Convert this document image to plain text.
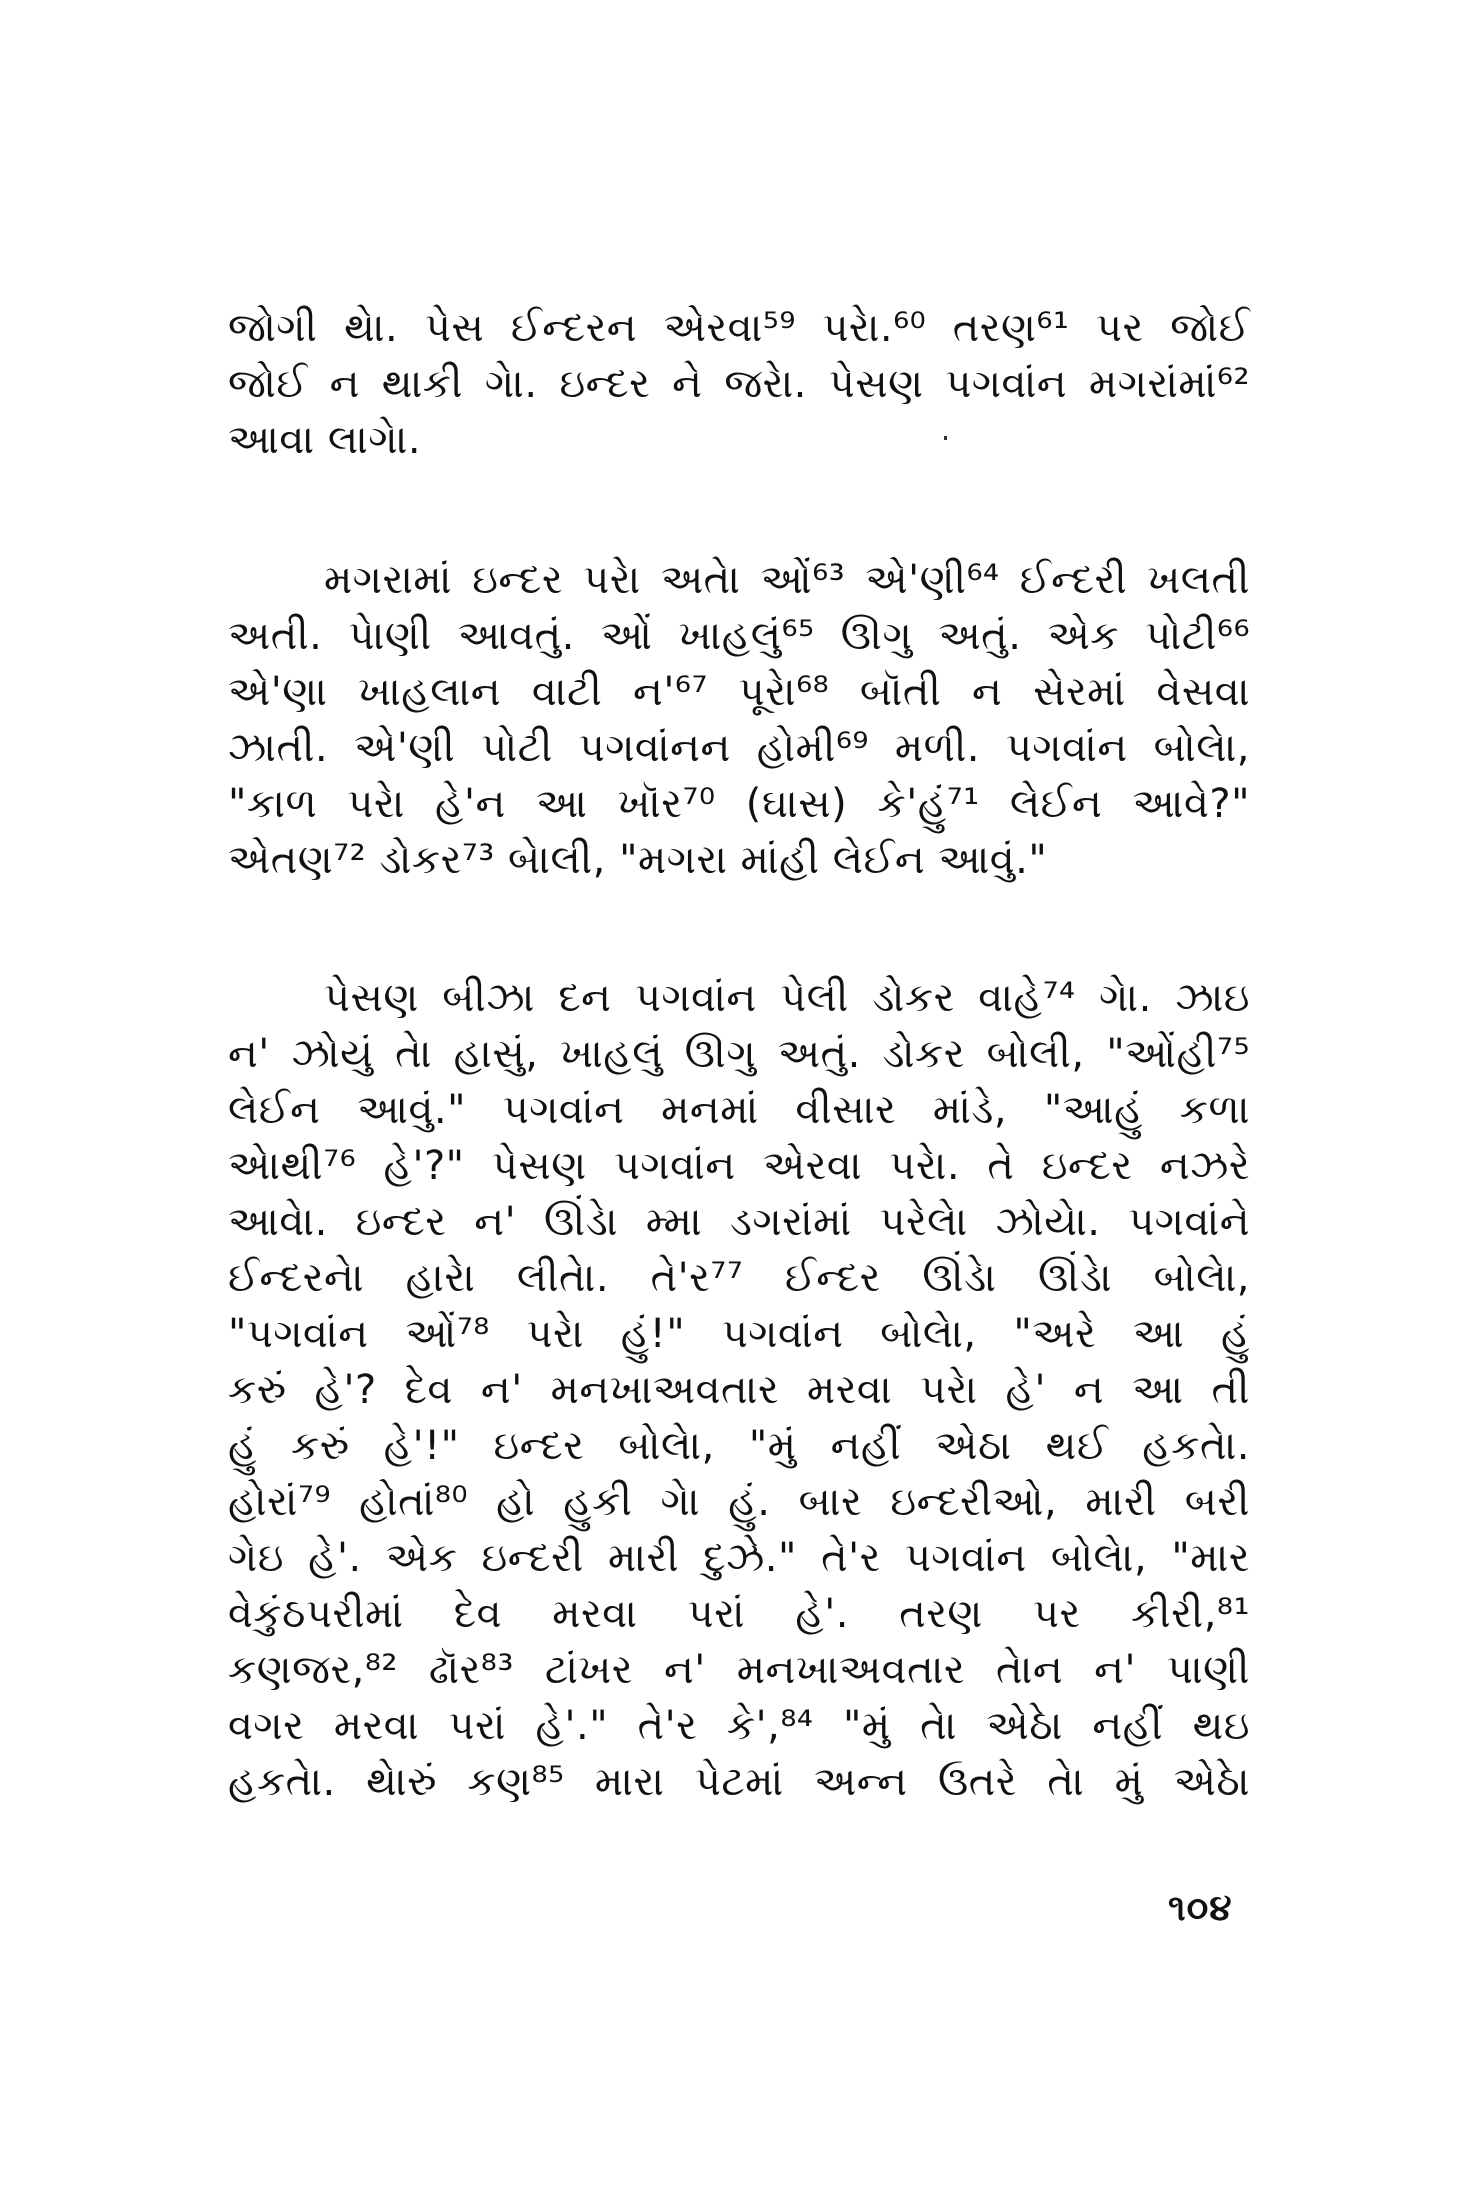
જોગી થેા. પેસ ઈન્દરન એરવા⁵⁹ પરેા.⁶⁰ તરણ⁶¹ પર જોઈ
જોઈ ન થાકી ગેા. ઇન્દર ને જરેા. પેસણ પગવાંન મગરાંમાં⁶²
આવા લાગેા.
મગરામાં ઇન્દર પરેા અતેા ઓં⁶³ એ'ણી⁶⁴ ઈન્દરી ખલતી
અતી. પેાણી આવતું. ઓં ખાહલું⁶⁵ ઊગુ અતું. એક પોટી⁶⁶
એ'ણા ખાહલાન વાટી ન'⁶⁷ પૂરેા⁶⁸ બૉતી ન સેરમાં વેસવા
ઝાતી. એ'ણી પોટી પગવાંનન હોમી⁶⁹ મળી. પગવાંન બોલેા,
"કાળ પરેા હે'ન આ ખૉર⁷⁰ (ઘાસ) કે'હું⁷¹ લેઈન આવે?"
એતણ⁷² ડોકર⁷³ બેાલી, "મગરા માંહી લેઈન આવું."
પેસણ બીઝા દન પગવાંન પેલી ડોકર વાહે⁷⁴ ગેા. ઝાઇ
ન' ઝોયું તેા હાસું, ખાહલું ઊગુ અતું. ડોકર બોલી, "ઓંહી⁷⁵
લેઈન આવું." પગવાંન મનમાં વીસાર માંડે, "આહું કળા
એાથી⁷⁶ હે'?" પેસણ પગવાંન એરવા પરેા. તે ઇન્દર નઝરે
આવેા. ઇન્દર ન' ઊંડેા મ્મા ડગરાંમાં પરેલેા ઝોયેા. પગવાંને
ઈન્દરનેા હારેા લીતેા. તે'ર⁷⁷ ઈન્દર ઊંડેા ઊંડેા બોલેા,
"પગવાંન ઓં⁷⁸ પરેા હું!" પગવાંન બોલેા, "અરે આ હું
કરું હે'? દેવ ન' મનખાઅવતાર મરવા પરેા હે' ન આ તી
હું કરું હે'!" ઇન્દર બોલેા, "મું નહીં એઠા થઈ હકતેા.
હોરાં⁷⁹ હોતાં⁸⁰ હો હુકી ગેા હું. બાર ઇન્દરીઓ, મારી બરી
ગેઇ હે'. એક ઇન્દરી મારી દુઝે." તે'ર પગવાંન બોલેા, "માર
વેકુંઠપરીમાં દેવ મરવા પરાં હે'. તરણ પર કીરી,⁸¹
કણજર,⁸² ઢૉર⁸³ ટાંખર ન' મનખાઅવતાર તેાન ન' પાણી
વગર મરવા પરાં હે'." તે'ર કે',⁸⁴ "મું તેા એઠેા નહીં થઇ
હકતેા. થેારું કણ⁸⁵ મારા પેટમાં અન્ન ઉતરે તેા મું એઠેા
૧૦૪
